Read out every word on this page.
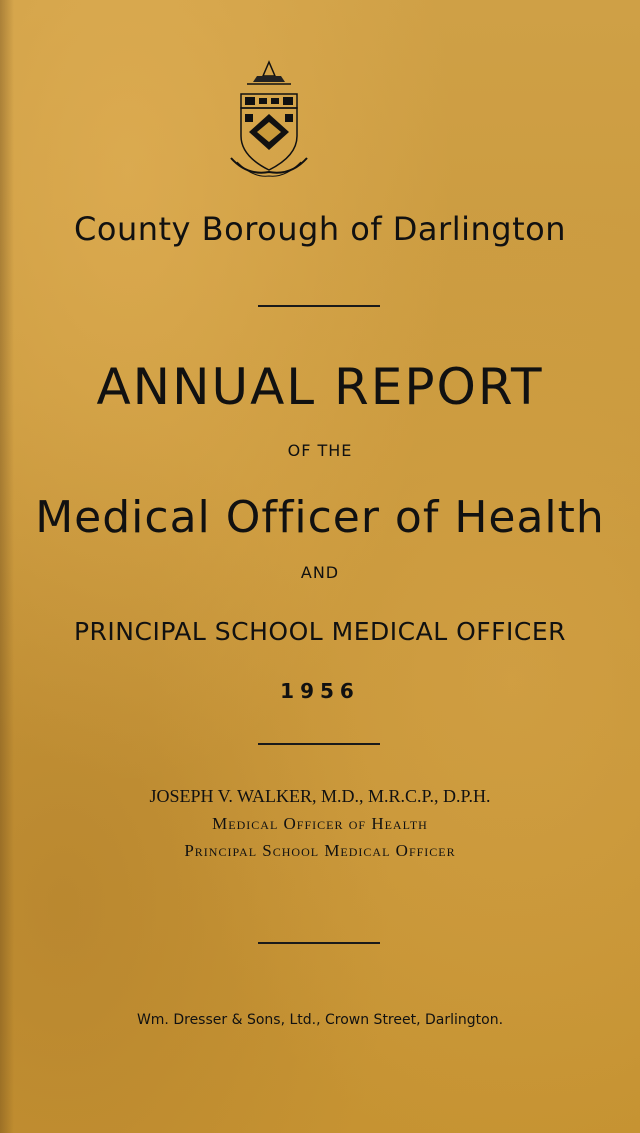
County Borough of Darlington
ANNUAL REPORT
OF THE
Medical Officer of Health
AND
PRINCIPAL SCHOOL MEDICAL OFFICER
1956
JOSEPH V. WALKER, M.D., M.R.C.P., D.P.H.
Medical Officer of Health
Principal School Medical Officer
Wm. Dresser & Sons, Ltd., Crown Street, Darlington.
